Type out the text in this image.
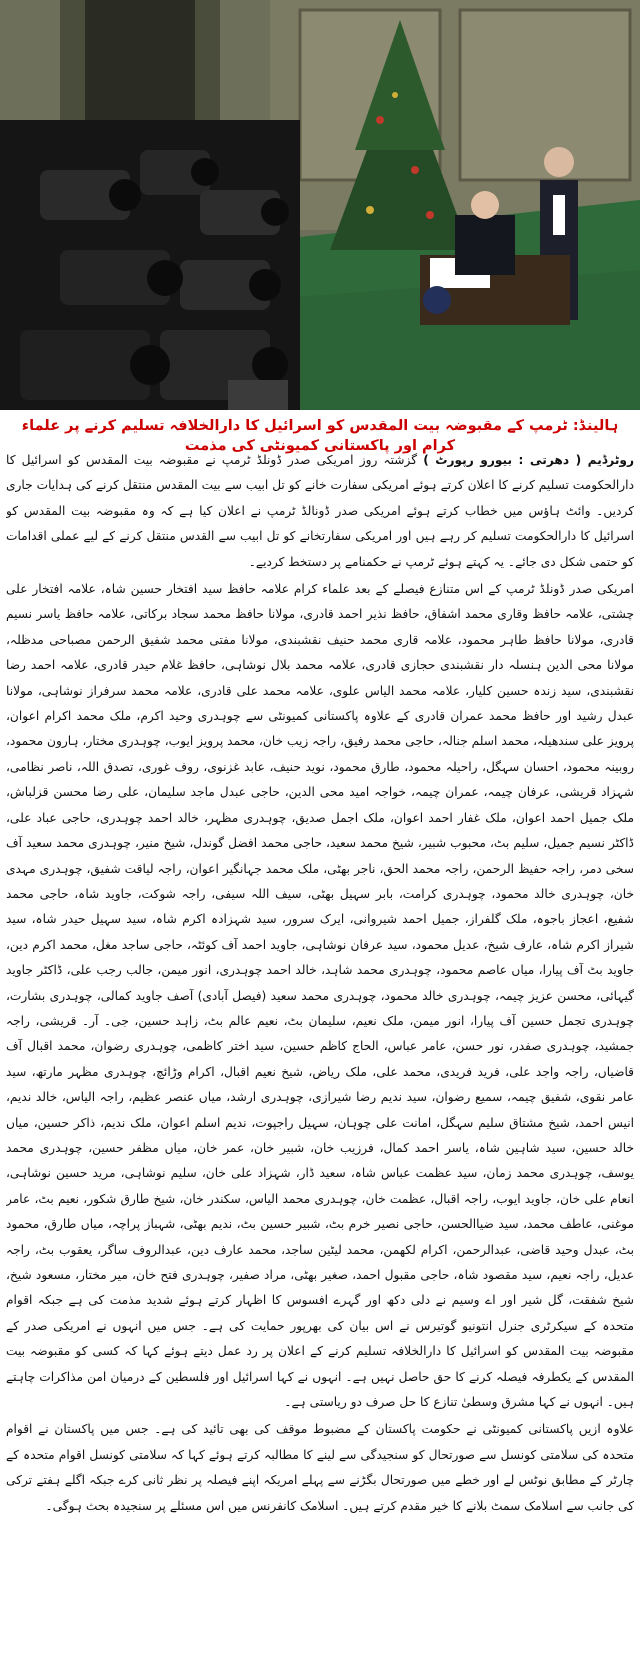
ہالینڈ: ٹرمپ کے مقبوضہ بیت المقدس کو اسرائیل کا دارالخلافہ تسلیم کرنے پر علماء کرام اور پاکستانی کمیونٹی کی مذمت

روٹرڈیم ( دھرتی : بیورو رپورٹ ) گزشتہ روز امریکی صدر ڈونلڈ ٹرمپ نے مقبوضہ بیت المقدس کو اسرائیل کا دارالحکومت تسلیم کرنے کا اعلان کرتے ہوئے امریکی سفارت خانے کو تل ابیب سے بیت المقدس منتقل کرنے کی ہدایات جاری کردیں۔ وائٹ ہاؤس میں خطاب کرتے ہوئے امریکی صدر ڈونالڈ ٹرمپ نے اعلان کیا ہے کہ وہ مقبوضہ بیت المقدس کو اسرائیل کا دارالحکومت تسلیم کر رہے ہیں اور امریکی سفارتخانے کو تل ابیب سے القدس منتقل کرنے کے لیے عملی اقدامات کو حتمی شکل دی جائے۔ یہ کہتے ہوئے ٹرمپ نے حکمنامے پر دستخط کردیے۔

امریکی صدر ڈونلڈ ٹرمپ کے اس متنازع فیصلے کے بعد علماء کرام علامہ حافظ سید افتخار حسین شاہ، علامہ افتخار علی چشتی، علامہ حافظ وقاری محمد اشفاق، حافظ نذیر احمد قادری، مولانا حافظ محمد سجاد برکاتی، علامہ حافظ یاسر نسیم قادری، مولانا حافظ طاہر محمود، علامہ قاری محمد حنیف نقشبندی، مولانا مفتی محمد شفیق الرحمن مصباحی مدظلہ، مولانا محی الدین ہنسلہ دار نقشبندی حجازی قادری، علامہ محمد بلال نوشاہی، حافظ غلام حیدر قادری، علامہ احمد رضا نقشبندی، سید زندہ حسین کلیار، علامہ محمد الیاس علوی، علامہ محمد علی قادری، علامہ محمد سرفراز نوشاہی، مولانا عبدل رشید اور حافظ محمد عمران قادری کے علاوہ پاکستانی کمیونٹی سے چوہدری وحید اکرم، ملک محمد اکرام اعوان، پرویز علی سندھیلہ، محمد اسلم جنالہ، حاجی محمد رفیق، راجہ زیب خان، محمد پرویز ایوب، چوہدری مختار، ہارون محمود، روبینہ محمود، احسان سہگل، راحیلہ محمود، طارق محمود، نوید حنیف، عابد غزنوی، روف غوری، تصدق اللہ، ناصر نظامی، شہزاد قریشی، عرفان چیمہ، عمران چیمہ، خواجہ امید محی الدین، حاجی عبدل ماجد سلیمان، علی رضا محسن قزلباش، ملک جمیل احمد اعوان، ملک غفار احمد اعوان، ملک اجمل صدیق، چوہدری مظہر، خالد احمد چوہدری، حاجی عباد علی، ڈاکٹر نسیم جمیل، سلیم بٹ، محبوب شبیر، شیخ محمد سعید، حاجی محمد افضل گوندل، شیخ منیر، چوہدری محمد سعید آف سخی دمر، راجہ حفیظ الرحمن، راجہ محمد الحق، ناجر بھٹی، ملک محمد جہانگیر اعوان، راجہ لیاقت شفیق، چوہدری مہدی خان، چوہدری خالد محمود، چوہدری کرامت، بابر سہیل بھٹی، سیف اللہ سیفی، راجہ شوکت، جاوید شاہ، حاجی محمد شفیع، اعجاز باجوہ، ملک گلفراز، جمیل احمد شیروانی، ایرک سرور، سید شہزادہ اکرم شاہ، سید سہیل حیدر شاہ، سید شیراز اکرم شاہ، عارف شیخ، عدیل محمود، سید عرفان نوشاہی، جاوید احمد آف کوئٹہ، حاجی ساجد مغل، محمد اکرم دین، جاوید بٹ آف پیارا، میاں عاصم محمود، چوہدری محمد شاہد، خالد احمد چوہدری، انور میمن، جالب رجب علی، ڈاکٹر جاوید گیہائی، محسن عزیز چیمہ، چوہدری خالد محمود، چوہدری محمد سعید (فیصل آبادی) آصف جاوید کمالی، چوہدری بشارت، چوہدری تجمل حسین آف پیارا، انور میمن، ملک نعیم، سلیمان بٹ، نعیم عالم بٹ، زاہد حسین، جی۔ آر۔ قریشی، راجہ جمشید، چوہدری صفدر، نور حسن، عامر عباس، الحاج کاظم حسین، سید اختر کاظمی، چوہدری رضوان، محمد اقبال آف قاضیاں، راجہ واجد علی، فرید فریدی، محمد علی، ملک ریاض، شیخ نعیم اقبال، اکرام وڑائچ، چوہدری مظہر مارتھ، سید عامر نقوی، شفیق چیمہ، سمیع رضوان، سید ندیم رضا شیرازی، چوہدری ارشد، میاں عنصر عظیم، راجہ الیاس، خالد ندیم، انیس احمد، شیخ مشتاق سلیم سہگل، امانت علی چوہان، سہیل راجپوت، ندیم اسلم اعوان، ملک ندیم، ذاکر حسین، میاں خالد حسین، سید شاہین شاہ، یاسر احمد کمال، فرزیب خان، شبیر خان، عمر خان، میاں مظفر حسین، چوہدری محمد یوسف، چوہدری محمد زمان، سید عظمت عباس شاہ، سعید ڈار، شہزاد علی خان، سلیم نوشاہی، مرید حسین نوشاہی، انعام علی خان، جاوید ایوب، راجہ اقبال، عظمت خان، چوہدری محمد الیاس، سکندر خان، شیخ طارق شکور، نعیم بٹ، عامر موغنی، عاطف محمد، سید ضیاالحسن، حاجی نصیر خرم بٹ، شبیر حسین بٹ، ندیم بھٹی، شہباز پراچہ، میاں طارق، محمود بٹ، عبدل وحید قاضی، عبدالرحمن، اکرام لکھمن، محمد لیٹین ساجد، محمد عارف دین، عبدالروف ساگر، یعقوب بٹ، راجہ عدیل، راجہ نعیم، سید مقصود شاہ، حاجی مقبول احمد، صغیر بھٹی، مراد صفیر، چوہدری فتح خان، میر مختار، مسعود شیخ، شیخ شفقت، گل شیر اور اے وسیم نے دلی دکھ اور گہرے افسوس کا اظہار کرتے ہوئے شدید مذمت کی ہے جبکہ اقوام متحدہ کے سیکرٹری جنرل انتونیو گوتیرس نے اس بیان کی بھرپور حمایت کی ہے۔ جس میں انہوں نے امریکی صدر کے مقبوضہ بیت المقدس کو اسرائیل کا دارالخلافہ تسلیم کرنے کے اعلان پر رد عمل دیتے ہوئے کہا کہ کسی کو مقبوضہ بیت المقدس کے یکطرفہ فیصلہ کرنے کا حق حاصل نہیں ہے۔ انہوں نے کہا اسرائیل اور فلسطین کے درمیان امن مذاکرات چاہتے ہیں۔ انہوں نے کہا مشرق وسطیٰ تنازع کا حل صرف دو ریاستی ہے۔

علاوہ ازیں پاکستانی کمیونٹی نے حکومت پاکستان کے مضبوط موقف کی بھی تائید کی ہے۔ جس میں پاکستان نے اقوام متحدہ کی سلامتی کونسل سے صورتحال کو سنجیدگی سے لینے کا مطالبہ کرتے ہوئے کہا کہ سلامتی کونسل اقوام متحدہ کے چارٹر کے مطابق نوٹس لے اور خطے میں صورتحال بگڑنے سے پہلے امریکہ اپنے فیصلہ پر نظر ثانی کرے جبکہ اگلے ہفتے ترکی کی جانب سے اسلامک سمٹ بلانے کا خیر مقدم کرتے ہیں۔ اسلامک کانفرنس میں اس مسئلے پر سنجیدہ بحث ہوگی۔
